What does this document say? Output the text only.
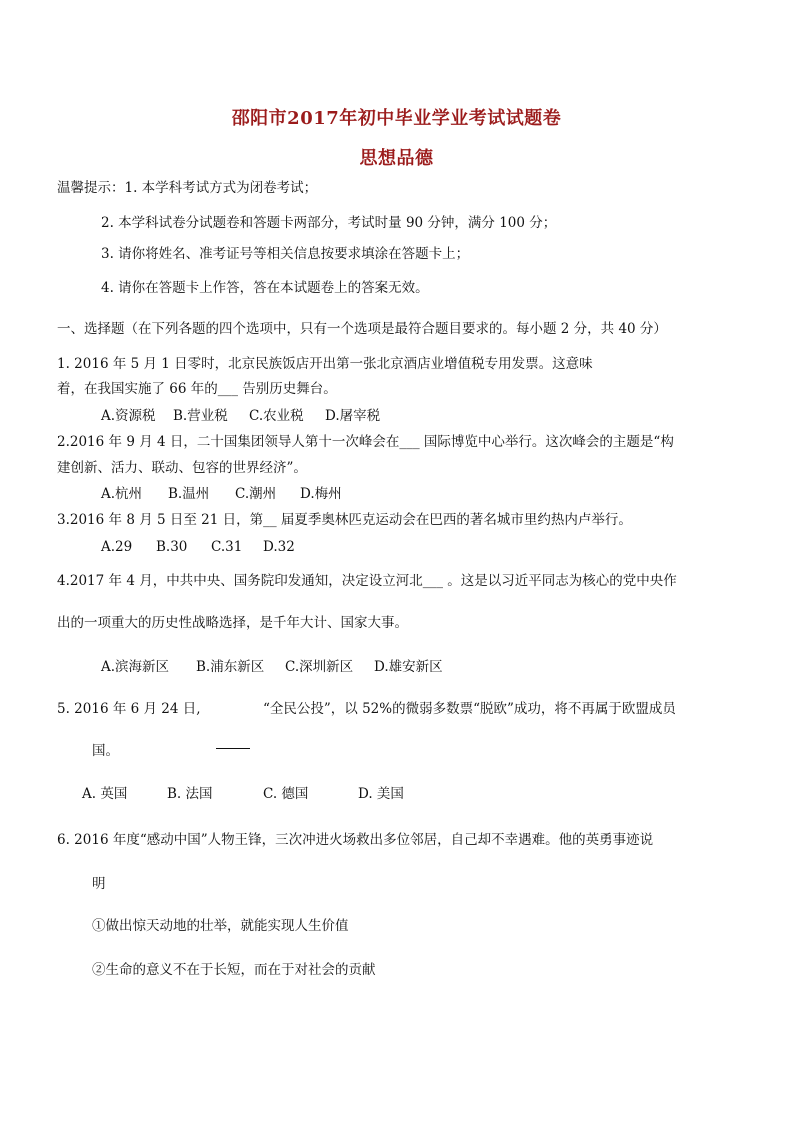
邵阳市2017年初中毕业学业考试试题卷
思想品德
温馨提示：1. 本学科考试方式为闭卷考试；
2. 本学科试卷分试题卷和答题卡两部分，考试时量 90 分钟，满分 100 分；
3. 请你将姓名、准考证号等相关信息按要求填涂在答题卡上；
4. 请你在答题卡上作答，答在本试题卷上的答案无效。
一、选择题（在下列各题的四个选项中，只有一个选项是最符合题目要求的。每小题 2 分，共 40 分）
1. 2016 年 5 月 1 日零时，北京民族饭店开出第一张北京酒店业增值税专用发票。这意味
着，在我国实施了 66 年的___ 告别历史舞台。
A.资源税 B.营业税 C.农业税 D.屠宰税
2.2016 年 9 月 4 日，二十国集团领导人第十一次峰会在___ 国际博览中心举行。这次峰会的主题是“构
建创新、活力、联动、包容的世界经济”。
A.杭州 B.温州 C.潮州 D.梅州
3.2016 年 8 月 5 日至 21 日，第__ 届夏季奥林匹克运动会在巴西的著名城市里约热内卢举行。
A.29 B.30 C.31 D.32
4.2017 年 4 月，中共中央、国务院印发通知，决定设立河北___ 。这是以习近平同志为核心的党中央作
出的一项重大的历史性战略选择，是千年大计、国家大事。
A.滨海新区 B.浦东新区 C.深圳新区 D.雄安新区
5. 2016 年 6 月 24 日,	“全民公投”，以 52%的微弱多数票“脱欧”成功，将不再属于欧盟成员
国。
A. 英国	B. 法国	C. 德国	D. 美国
6. 2016 年度“感动中国”人物王锋，三次冲进火场救出多位邻居，自己却不幸遇难。他的英勇事迹说
明
①做出惊天动地的壮举，就能实现人生价值
②生命的意义不在于长短，而在于对社会的贡献
